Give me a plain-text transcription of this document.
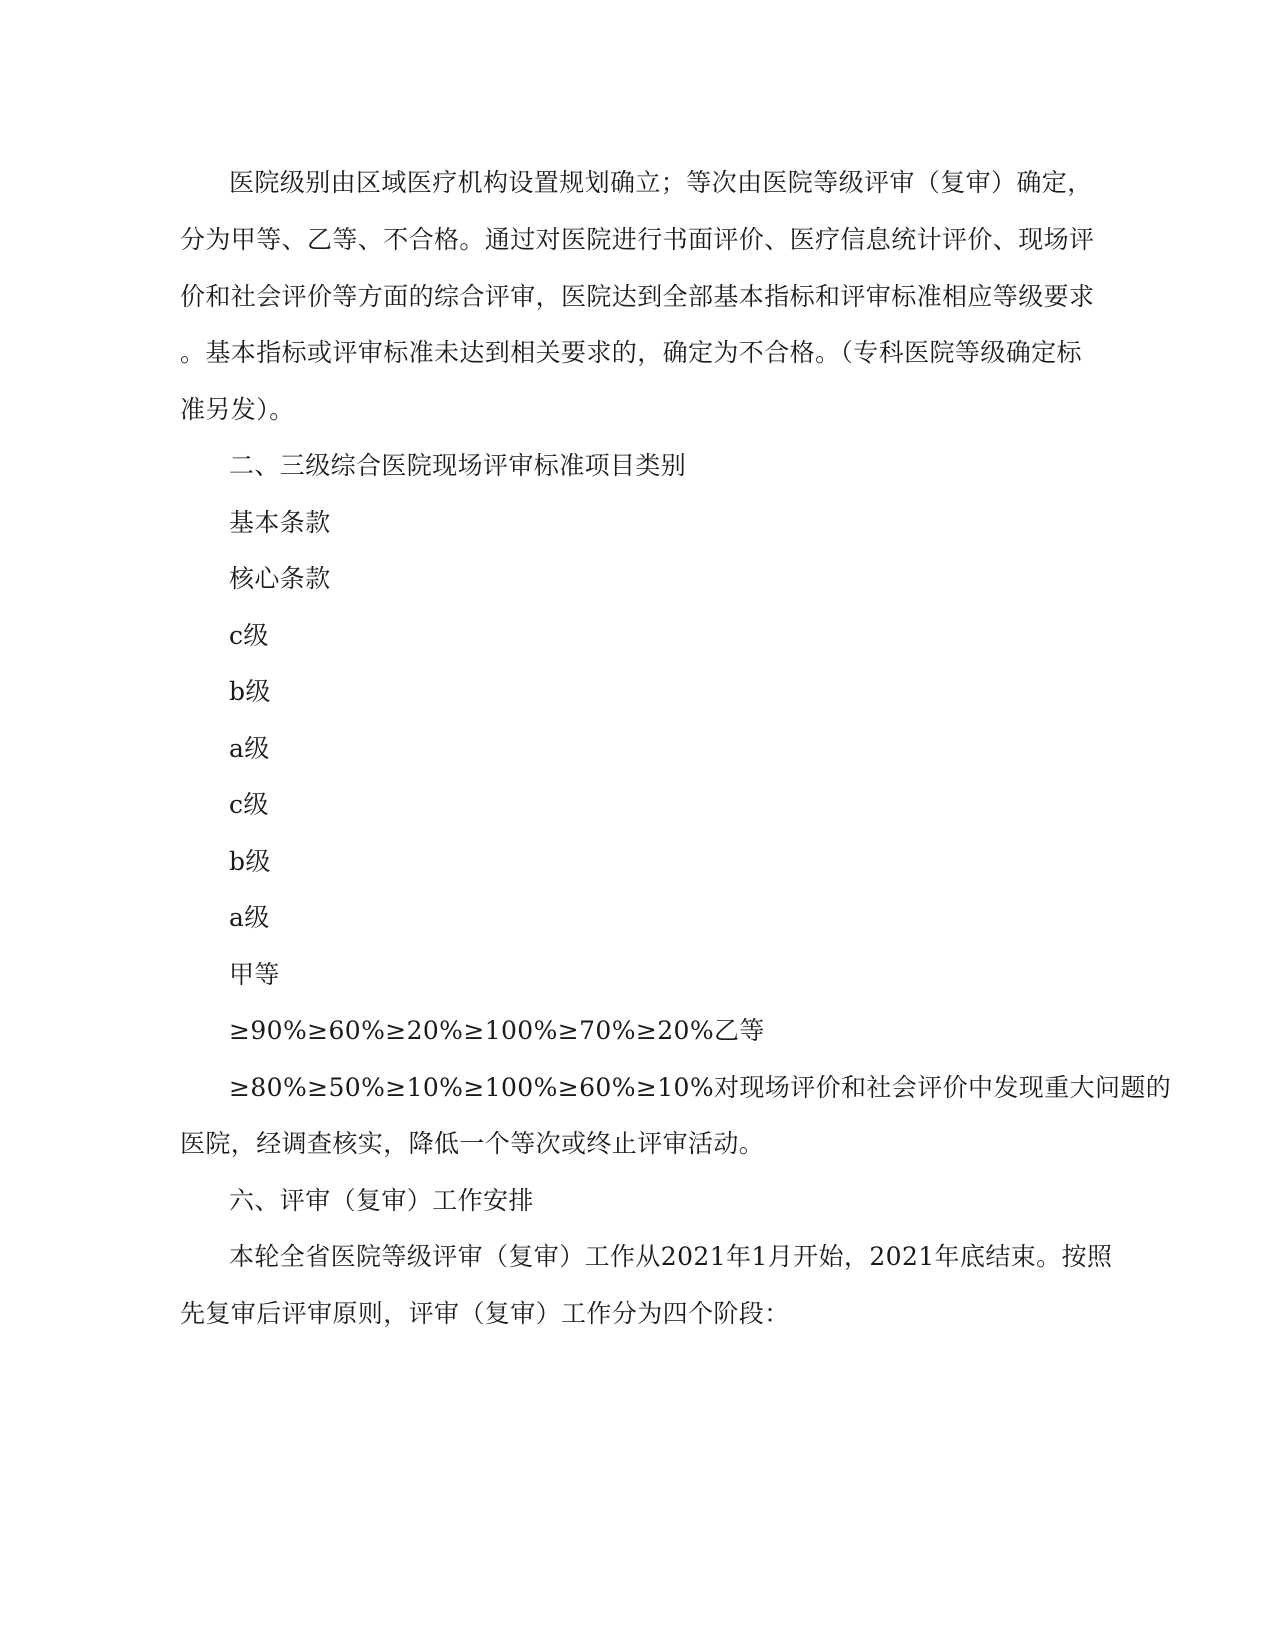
医院级别由区域医疗机构设置规划确立；等次由医院等级评审（复审）确定，
分为甲等、乙等、不合格。通过对医院进行书面评价、医疗信息统计评价、现场评
价和社会评价等方面的综合评审，医院达到全部基本指标和评审标准相应等级要求
。基本指标或评审标准未达到相关要求的，确定为不合格。（专科医院等级确定标
准另发）。
二、三级综合医院现场评审标准项目类别
基本条款
核心条款
c级
b级
a级
c级
b级
a级
甲等
≥90%≥60%≥20%≥100%≥70%≥20%乙等
≥80%≥50%≥10%≥100%≥60%≥10%对现场评价和社会评价中发现重大问题的
医院，经调查核实，降低一个等次或终止评审活动。
六、评审（复审）工作安排
本轮全省医院等级评审（复审）工作从2021年1月开始，2021年底结束。按照
先复审后评审原则，评审（复审）工作分为四个阶段：
